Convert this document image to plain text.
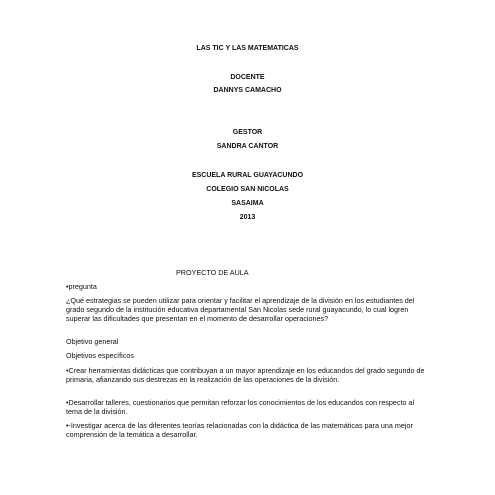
LAS TIC Y LAS MATEMATICAS
DOCENTE
DANNYS CAMACHO
GESTOR
SANDRA CANTOR
ESCUELA RURAL GUAYACUNDO
COLEGIO SAN NICOLAS
SASAIMA
2013
PROYECTO DE AULA
•pregunta
¿Qué estrategias se pueden utilizar para orientar y facilitar el aprendizaje de la división en los estudiantes del grado segundo de la institución educativa departamental San Nicolas sede rural guayacundo, lo cual logren superar las dificultades que presentan en el momento de desarrollar operaciones?
Objetivo general
Objetivos específicos
•Crear herramientas didácticas que contribuyan a un mayor aprendizaje en los educandos del grado segundo de primaria, afianzando sus destrezas en la realización de las operaciones de la división.
•Desarrollar talleres, cuestionarios que permitan reforzar los conocimientos de los educandos con respecto al tema de la división.
•-Investigar acerca de las diferentes teorías relacionadas con la didáctica de las matemáticas para una mejor comprensión de la temática a desarrollar.
